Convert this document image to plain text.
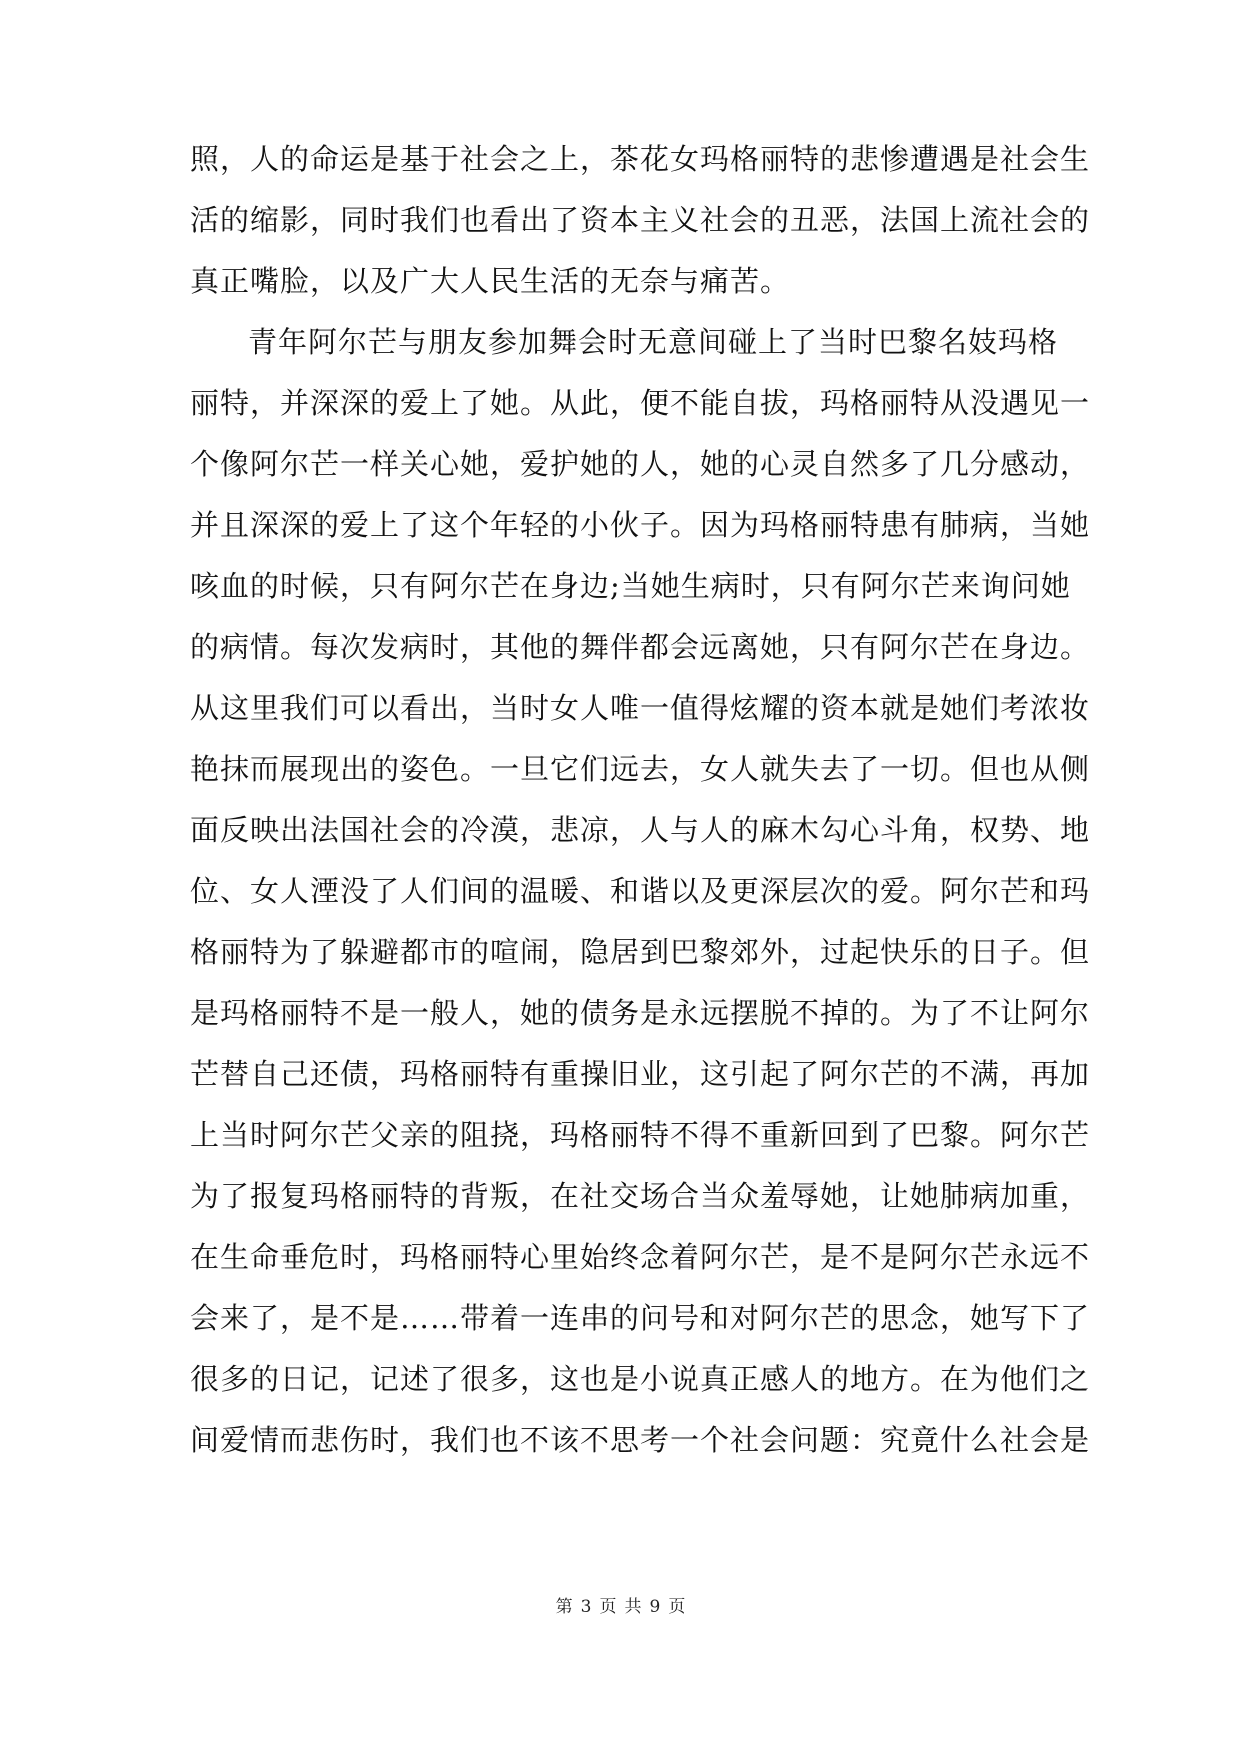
照，人的命运是基于社会之上，茶花女玛格丽特的悲惨遭遇是社会生
活的缩影，同时我们也看出了资本主义社会的丑恶，法国上流社会的
真正嘴脸，以及广大人民生活的无奈与痛苦。
青年阿尔芒与朋友参加舞会时无意间碰上了当时巴黎名妓玛格
丽特，并深深的爱上了她。从此，便不能自拔，玛格丽特从没遇见一
个像阿尔芒一样关心她，爱护她的人，她的心灵自然多了几分感动，
并且深深的爱上了这个年轻的小伙子。因为玛格丽特患有肺病，当她
咳血的时候，只有阿尔芒在身边;当她生病时，只有阿尔芒来询问她
的病情。每次发病时，其他的舞伴都会远离她，只有阿尔芒在身边。
从这里我们可以看出，当时女人唯一值得炫耀的资本就是她们考浓妆
艳抹而展现出的姿色。一旦它们远去，女人就失去了一切。但也从侧
面反映出法国社会的冷漠，悲凉，人与人的麻木勾心斗角，权势、地
位、女人湮没了人们间的温暖、和谐以及更深层次的爱。阿尔芒和玛
格丽特为了躲避都市的喧闹，隐居到巴黎郊外，过起快乐的日子。但
是玛格丽特不是一般人，她的债务是永远摆脱不掉的。为了不让阿尔
芒替自己还债，玛格丽特有重操旧业，这引起了阿尔芒的不满，再加
上当时阿尔芒父亲的阻挠，玛格丽特不得不重新回到了巴黎。阿尔芒
为了报复玛格丽特的背叛，在社交场合当众羞辱她，让她肺病加重，
在生命垂危时，玛格丽特心里始终念着阿尔芒，是不是阿尔芒永远不
会来了，是不是……带着一连串的问号和对阿尔芒的思念，她写下了
很多的日记，记述了很多，这也是小说真正感人的地方。在为他们之
间爱情而悲伤时，我们也不该不思考一个社会问题：究竟什么社会是
第 3 页 共 9 页
